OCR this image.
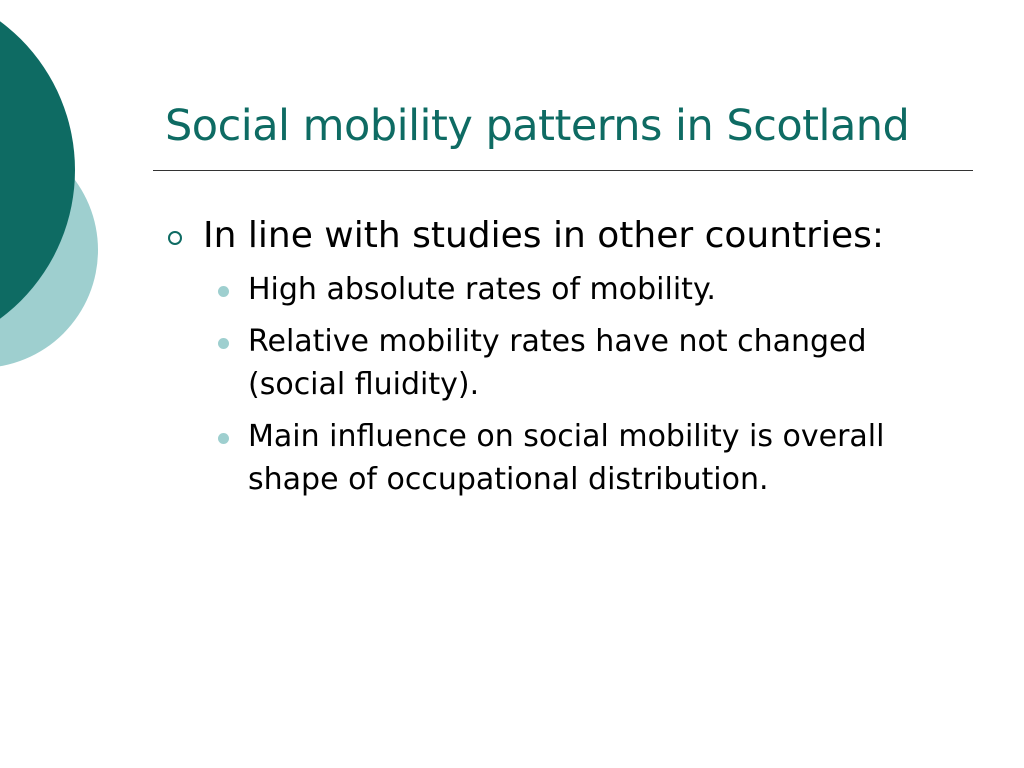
Social mobility patterns in Scotland
In line with studies in other countries:
High absolute rates of mobility.
Relative mobility rates have not changed (social fluidity).
Main influence on social mobility is overall shape of occupational distribution.
